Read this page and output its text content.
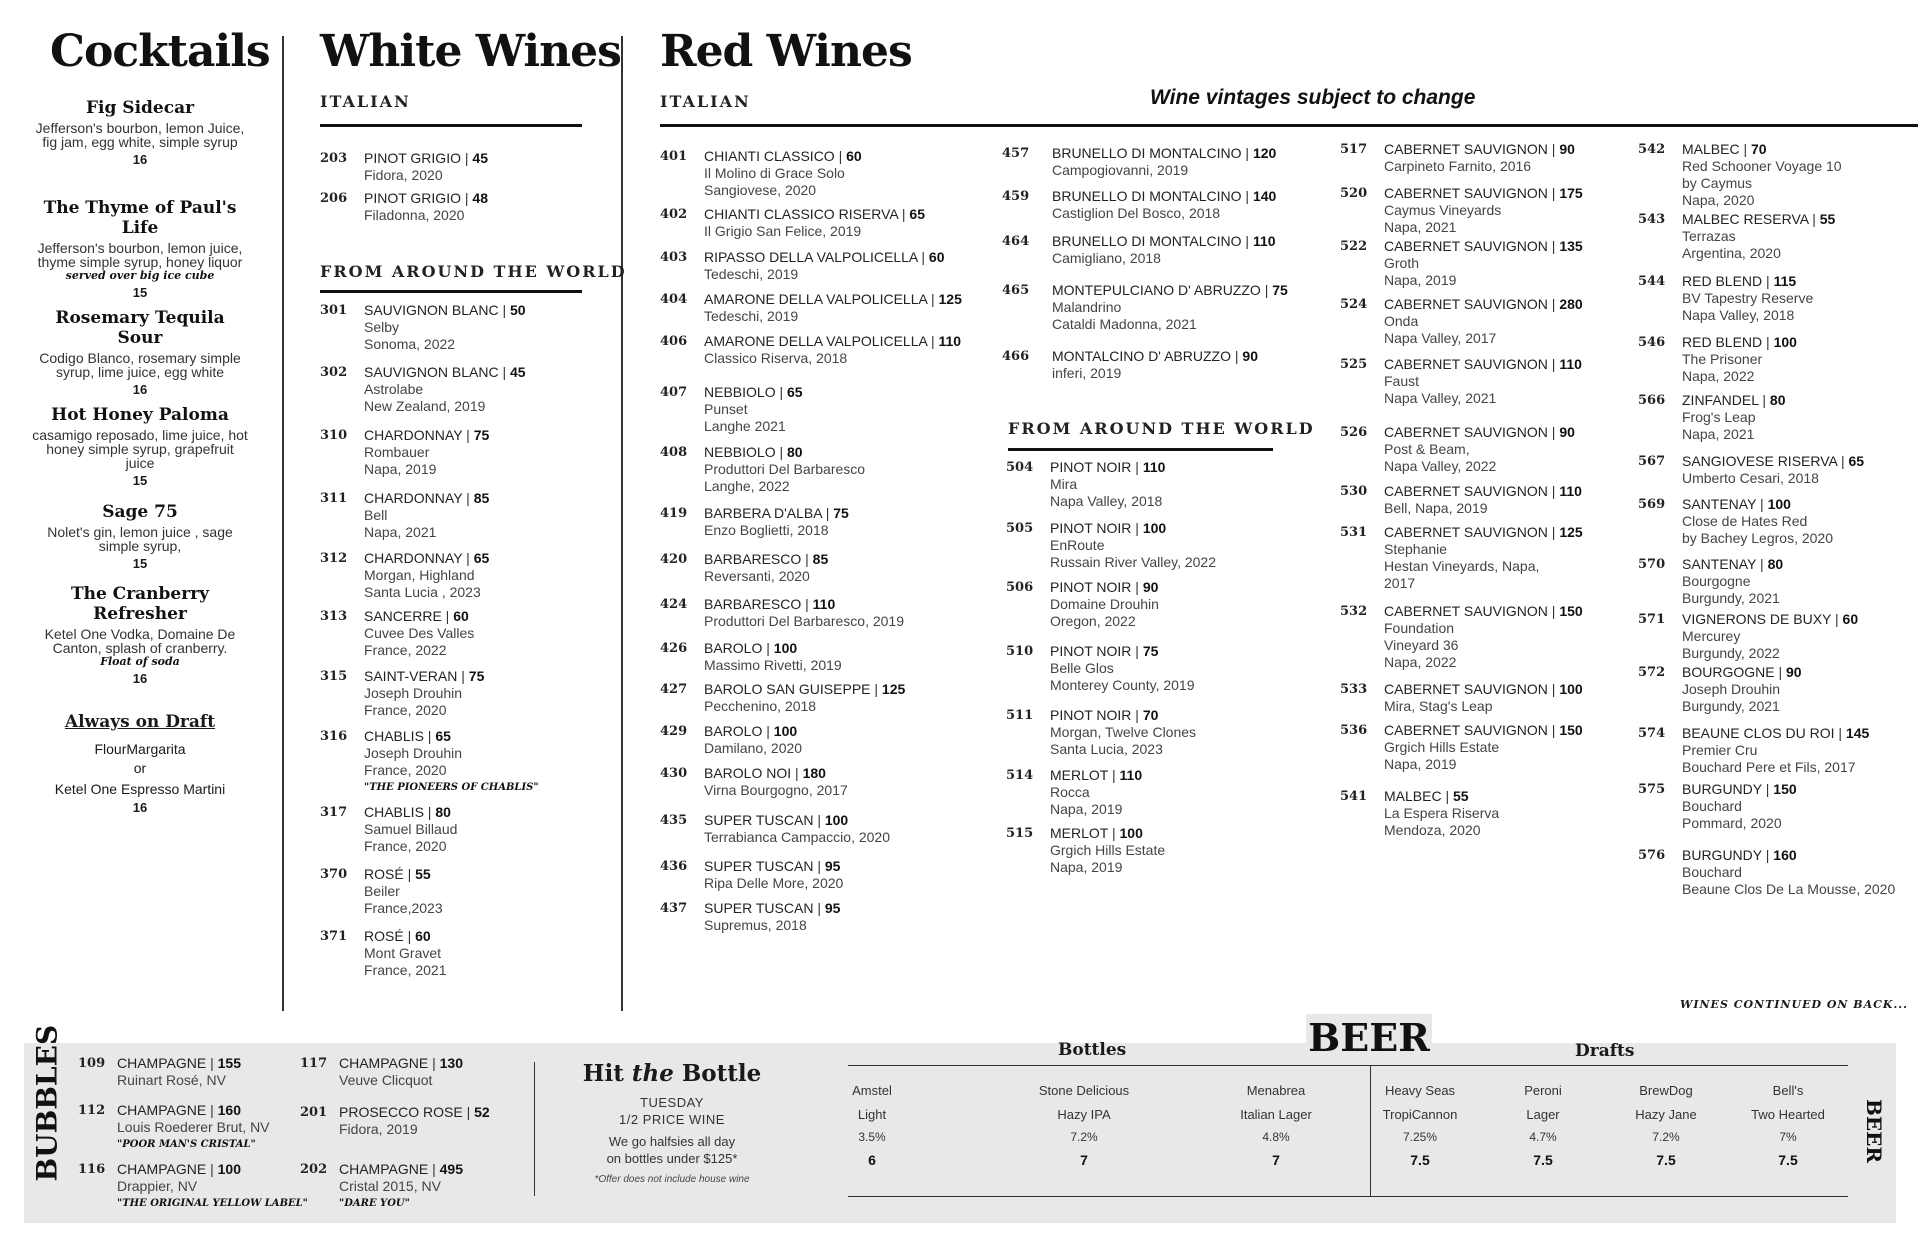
Cocktails
Fig Sidecar
Jefferson's bourbon, lemon Juice, fig jam, egg white, simple syrup
16
The Thyme of Paul's Life
Jefferson's bourbon, lemon juice, thyme simple syrup, honey liquor
served over big ice cube
15
Rosemary Tequila Sour
Codigo Blanco, rosemary simple syrup, lime juice, egg white
16
Hot Honey Paloma
casamigo reposado, lime juice, hot honey simple syrup, grapefruit juice
15
Sage 75
Nolet's gin, lemon juice , sage simple syrup,
15
The Cranberry Refresher
Ketel One Vodka, Domaine De Canton, splash of cranberry.
Float of soda
16
Always on Draft
FlourMargarita
or
Ketel One Espresso Martini
16
White Wines
ITALIAN
203 PINOT GRIGIO | 45
Fidora, 2020
206 PINOT GRIGIO | 48
Filadonna, 2020
FROM AROUND THE WORLD
301 SAUVIGNON BLANC | 50
Selby
Sonoma, 2022
302 SAUVIGNON BLANC | 45
Astrolabe
New Zealand, 2019
310 CHARDONNAY | 75
Rombauer
Napa, 2019
311 CHARDONNAY | 85
Bell
Napa, 2021
312 CHARDONNAY | 65
Morgan, Highland
Santa Lucia , 2023
313 SANCERRE | 60
Cuvee Des Valles
France, 2022
315 SAINT-VERAN | 75
Joseph Drouhin
France, 2020
316 CHABLIS | 65
Joseph Drouhin
France, 2020
"THE PIONEERS OF CHABLIS"
317 CHABLIS | 80
Samuel Billaud
France, 2020
370 ROSÉ | 55
Beiler
France,2023
371 ROSÉ | 60
Mont Gravet
France, 2021
Red Wines
ITALIAN	Wine vintages subject to change
401 CHIANTI CLASSICO | 60
Il Molino di Grace Solo
Sangiovese, 2020
402 CHIANTI CLASSICO RISERVA | 65
Il Grigio San Felice, 2019
403 RIPASSO DELLA VALPOLICELLA | 60
Tedeschi, 2019
404 AMARONE DELLA VALPOLICELLA | 125
Tedeschi, 2019
406 AMARONE DELLA VALPOLICELLA | 110
Classico Riserva, 2018
407 NEBBIOLO | 65
Punset
Langhe 2021
408 NEBBIOLO | 80
Produttori Del Barbaresco
Langhe, 2022
419 BARBERA D'ALBA | 75
Enzo Boglietti, 2018
420 BARBARESCO | 85
Reversanti, 2020
424 BARBARESCO | 110
Produttori Del Barbaresco, 2019
426 BAROLO | 100
Massimo Rivetti, 2019
427 BAROLO SAN GUISEPPE | 125
Pecchenino, 2018
429 BAROLO | 100
Damilano, 2020
430 BAROLO NOI | 180
Virna Bourgogno, 2017
435 SUPER TUSCAN | 100
Terrabianca Campaccio, 2020
436 SUPER TUSCAN | 95
Ripa Delle More, 2020
437 SUPER TUSCAN | 95
Supremus, 2018
457 BRUNELLO DI MONTALCINO | 120
Campogiovanni, 2019
459 BRUNELLO DI MONTALCINO | 140
Castiglion Del Bosco, 2018
464 BRUNELLO DI MONTALCINO | 110
Camigliano, 2018
465 MONTEPULCIANO D' ABRUZZO | 75
Malandrino
Cataldi Madonna, 2021
466 MONTALCINO D' ABRUZZO | 90
inferi, 2019
FROM AROUND THE WORLD
504 PINOT NOIR | 110
Mira
Napa Valley, 2018
505 PINOT NOIR | 100
EnRoute
Russain River Valley, 2022
506 PINOT NOIR | 90
Domaine Drouhin
Oregon, 2022
510 PINOT NOIR | 75
Belle Glos
Monterey County, 2019
511 PINOT NOIR | 70
Morgan, Twelve Clones
Santa Lucia, 2023
514 MERLOT | 110
Rocca
Napa, 2019
515 MERLOT | 100
Grgich Hills Estate
Napa, 2019
517 CABERNET SAUVIGNON | 90
Carpineto Farnito, 2016
520 CABERNET SAUVIGNON | 175
Caymus Vineyards
Napa, 2021
522 CABERNET SAUVIGNON | 135
Groth
Napa, 2019
524 CABERNET SAUVIGNON | 280
Onda
Napa Valley, 2017
525 CABERNET SAUVIGNON | 110
Faust
Napa Valley, 2021
526 CABERNET SAUVIGNON | 90
Post & Beam,
Napa Valley, 2022
530 CABERNET SAUVIGNON | 110
Bell, Napa, 2019
531 CABERNET SAUVIGNON | 125
Stephanie
Hestan Vineyards, Napa,
2017
532 CABERNET SAUVIGNON | 150
Foundation
Vineyard 36
Napa, 2022
533 CABERNET SAUVIGNON | 100
Mira, Stag's Leap
536 CABERNET SAUVIGNON | 150
Grgich Hills Estate
Napa, 2019
541 MALBEC | 55
La Espera Riserva
Mendoza, 2020
542 MALBEC | 70
Red Schooner Voyage 10
by Caymus
Napa, 2020
543 MALBEC RESERVA | 55
Terrazas
Argentina, 2020
544 RED BLEND | 115
BV Tapestry Reserve
Napa Valley, 2018
546 RED BLEND | 100
The Prisoner
Napa, 2022
566 ZINFANDEL | 80
Frog's Leap
Napa, 2021
567 SANGIOVESE RISERVA | 65
Umberto Cesari, 2018
569 SANTENAY | 100
Close de Hates Red
by Bachey Legros, 2020
570 SANTENAY | 80
Bourgogne
Burgundy, 2021
571 VIGNERONS DE BUXY | 60
Mercurey
Burgundy, 2022
572 BOURGOGNE | 90
Joseph Drouhin
Burgundy, 2021
574 BEAUNE CLOS DU ROI | 145
Premier Cru
Bouchard Pere et Fils, 2017
575 BURGUNDY | 150
Bouchard
Pommard, 2020
576 BURGUNDY | 160
Bouchard
Beaune Clos De La Mousse, 2020
WINES CONTINUED ON BACK...
BUBBLES 109 CHAMPAGNE | 155
Ruinart Rosé, NV
112 CHAMPAGNE | 160
Louis Roederer Brut, NV
"POOR MAN'S CRISTAL"
116 CHAMPAGNE | 100
Drappier, NV
"THE ORIGINAL YELLOW LABEL"
117 CHAMPAGNE | 130
Veuve Clicquot
201 PROSECCO ROSE | 52
Fidora, 2019
202 CHAMPAGNE | 495
Cristal 2015, NV
"DARE YOU"
Hit the Bottle
TUESDAY
1/2 PRICE WINE
We go halfsies all day
on bottles under $125*
*Offer does not include house wine
BEER
Bottles	Drafts
BEER
Amstel
Light
3.5%
6
Stone Delicious
Hazy IPA
7.2%
7
Menabrea
Italian Lager
4.8%
7
Heavy Seas
TropiCannon
7.25%
7.5
Peroni
Lager
4.7%
7.5
BrewDog
Hazy Jane
7.2%
7.5
Bell's
Two Hearted
7%
7.5
